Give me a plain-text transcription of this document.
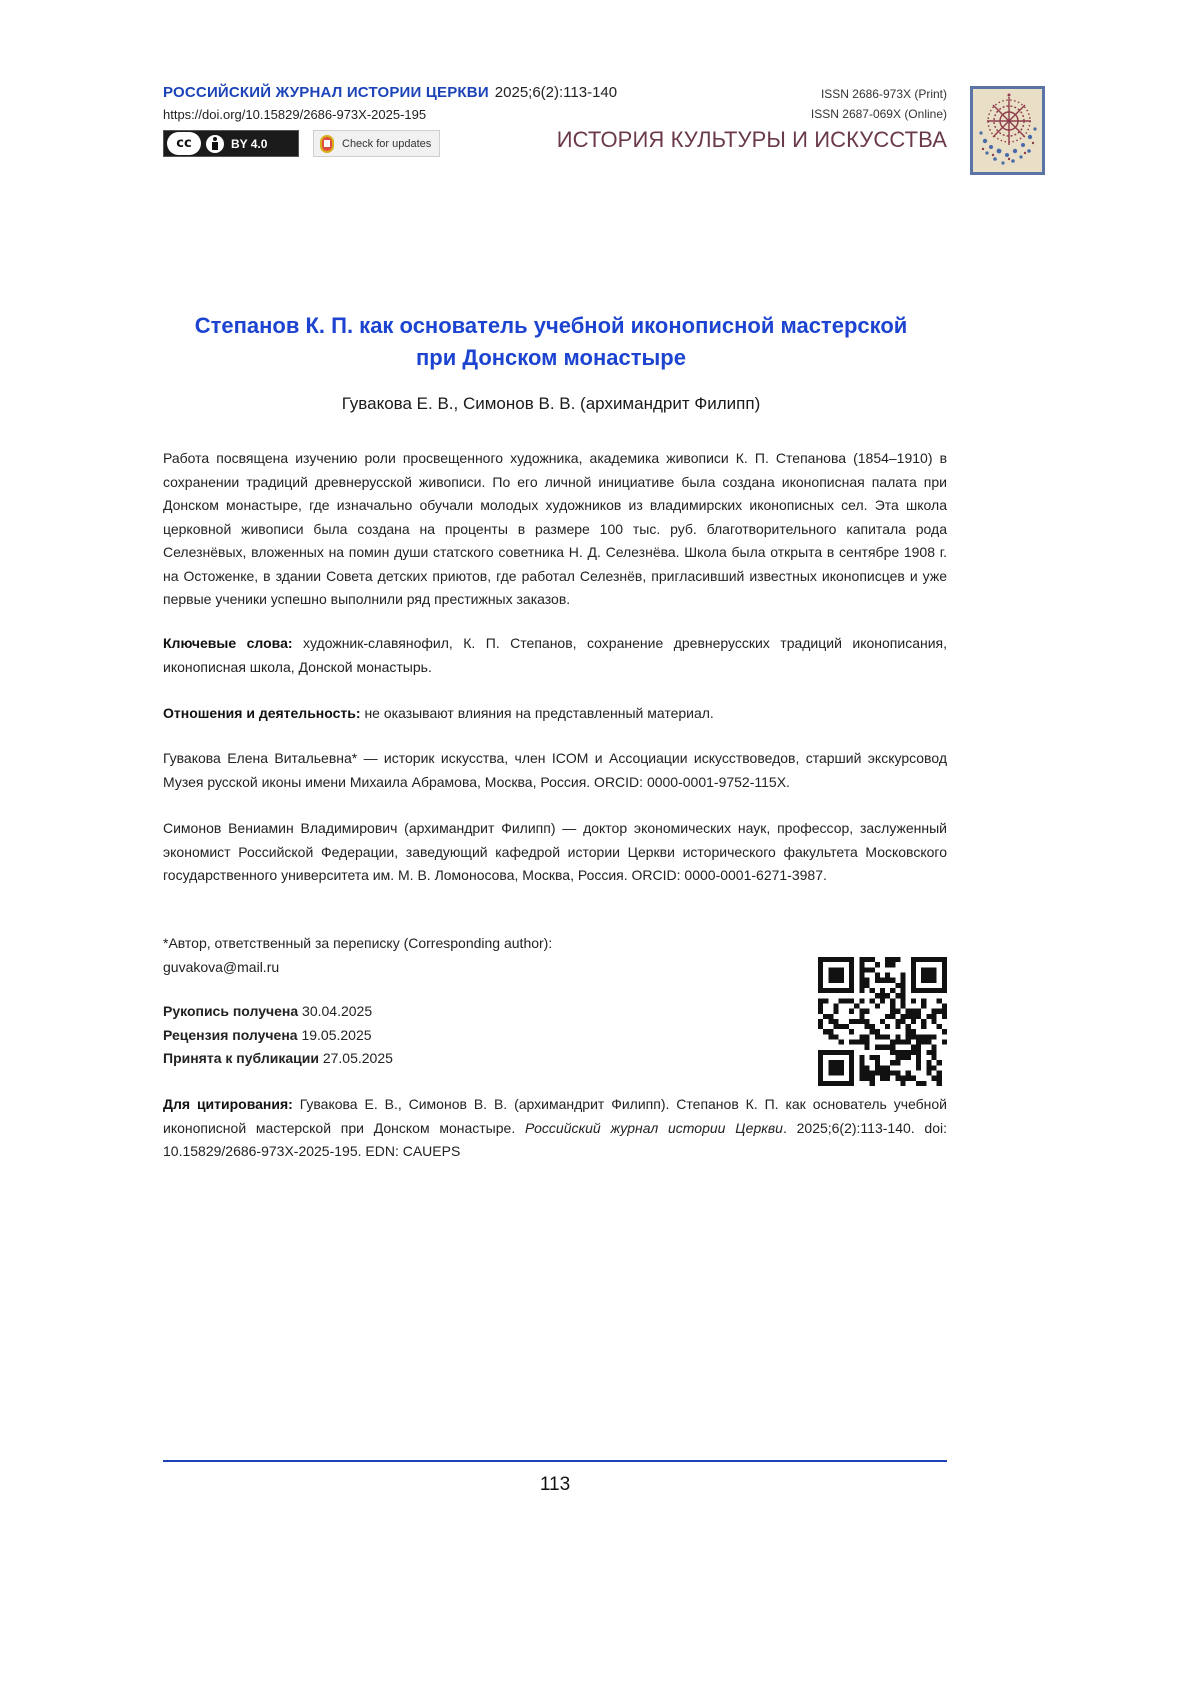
РОССИЙСКИЙ ЖУРНАЛ ИСТОРИИ ЦЕРКВИ 2025;6(2):113-140
https://doi.org/10.15829/2686-973X-2025-195
cc	BY 4.0	Check for updates
ISSN 2686-973X (Print)
ISSN 2687-069X (Online)
ИСТОРИЯ КУЛЬТУРЫ И ИСКУССТВА
Степанов К. П. как основатель учебной иконописной мастерской
при Донском монастыре
Гувакова Е. В., Симонов В. В. (архимандрит Филипп)
Работа посвящена изучению роли просвещенного художника, академика живописи К. П. Степанова (1854–1910) в сохранении традиций древнерусской живописи. По его личной инициативе была создана иконописная палата при Донском монастыре, где изначально обучали молодых художников из владимирских иконописных сел. Эта школа церковной живописи была создана на проценты в размере 100 тыс. руб. благотворительного капитала рода Селезнёвых, вложенных на помин души статского советника Н. Д. Селезнёва. Школа была открыта в сентябре 1908 г. на Остоженке, в здании Совета детских приютов, где работал Селезнёв, пригласивший известных иконописцев и уже первые ученики успешно выполнили ряд престижных заказов.
Ключевые слова: художник-славянофил, К. П. Степанов, сохранение древнерусских традиций иконописания, иконописная школа, Донской монастырь.
Отношения и деятельность: не оказывают влияния на представленный материал.
Гувакова Елена Витальевна* — историк искусства, член ICOM и Ассоциации искусствоведов, старший экскурсовод Музея русской иконы имени Михаила Абрамова, Москва, Россия. ORCID: 0000-0001-9752-115X.
Симонов Вениамин Владимирович (архимандрит Филипп) — доктор экономических наук, профессор, заслуженный экономист Российской Федерации, заведующий кафедрой истории Церкви исторического факультета Московского государственного университета им. М. В. Ломоносова, Москва, Россия. ORCID: 0000-0001-6271-3987.
*Автор, ответственный за переписку (Corresponding author):
guvakova@mail.ru
Рукопись получена 30.04.2025
Рецензия получена 19.05.2025
Принята к публикации 27.05.2025
Для цитирования: Гувакова Е. В., Симонов В. В. (архимандрит Филипп). Степанов К. П. как основатель учебной иконописной мастерской при Донском монастыре. Российский журнал истории Церкви. 2025;6(2):113-140. doi: 10.15829/2686-973X-2025-195. EDN: CAUEPS
113
